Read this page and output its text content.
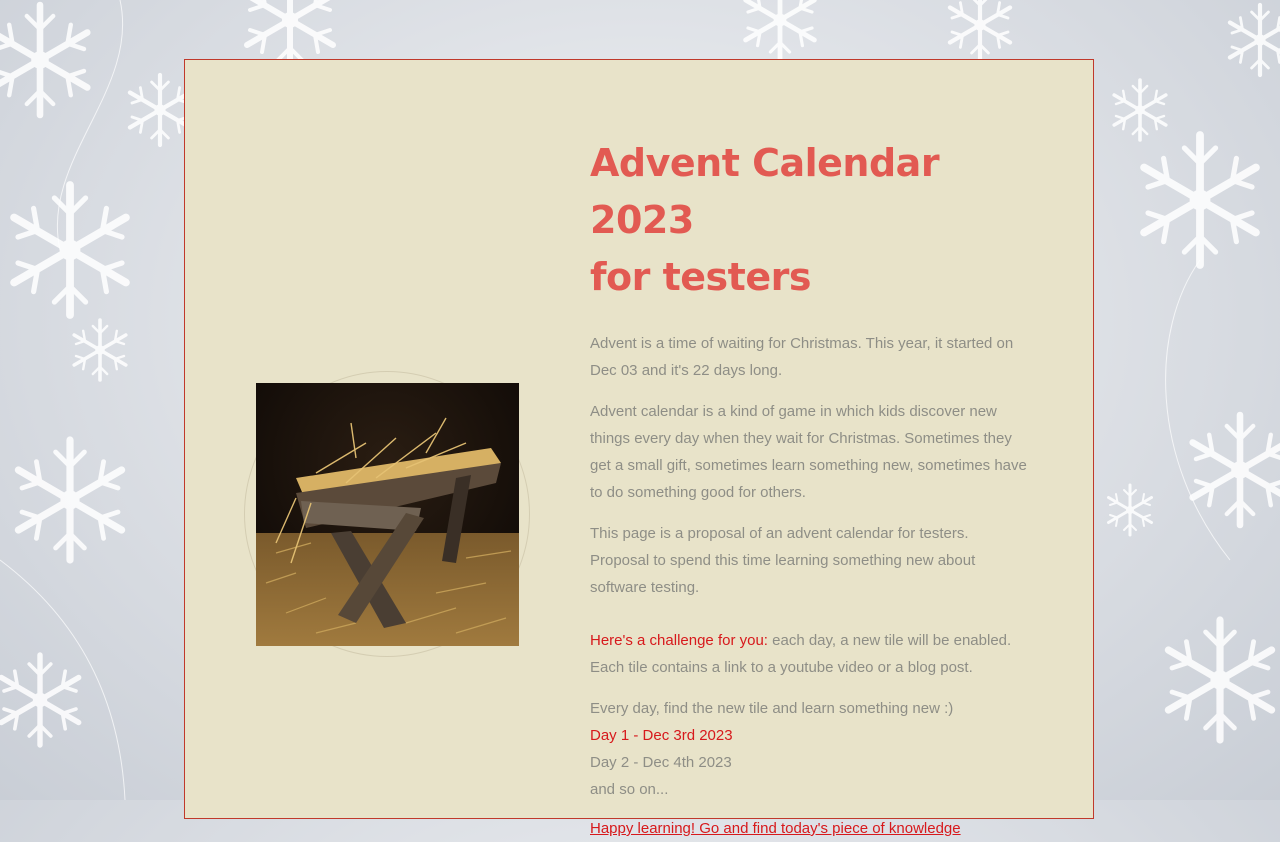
Advent Calendar 2023
for testers

Advent is a time of waiting for Christmas. This year, it started on Dec 03 and it's 22 days long.

Advent calendar is a kind of game in which kids discover new things every day when they wait for Christmas. Sometimes they get a small gift, sometimes learn something new, sometimes have to do something good for others.

This page is a proposal of an advent calendar for testers. Proposal to spend this time learning something new about software testing.

Here's a challenge for you: each day, a new tile will be enabled. Each tile contains a link to a youtube video or a blog post.

Every day, find the new tile and learn something new :)

Day 1 - Dec 3rd 2023

Day 2 - Dec 4th 2023

and so on...

Happy learning! Go and find today's piece of knowledge
